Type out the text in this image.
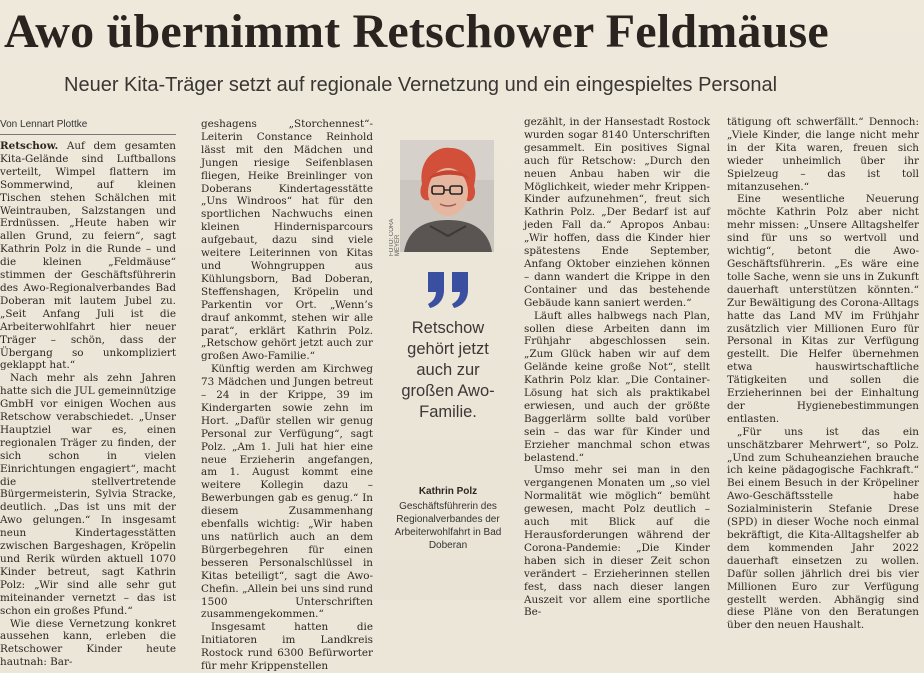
Awo übernimmt Retschower Feldmäuse
Neuer Kita-Träger setzt auf regionale Vernetzung und ein eingespieltes Personal
Von Lennart Plottke

Retschow. Auf dem gesamten Kita-Gelände sind Luftballons verteilt, Wimpel flattern im Sommerwind, auf kleinen Tischen stehen Schälchen mit Weintrauben, Salzstangen und Erdnüssen. „Heute haben wir allen Grund, zu feiern“, sagt Kathrin Polz in die Runde – und die kleinen „Feldmäuse“ stimmen der Geschäftsführerin des Awo-Regionalverbandes Bad Doberan mit lautem Jubel zu. „Seit Anfang Juli ist die Arbeiterwohlfahrt hier neuer Träger – schön, dass der Übergang so unkompliziert geklappt hat.“

Nach mehr als zehn Jahren hatte sich die JUL gemeinnützige GmbH vor einigen Wochen aus Retschow verabschiedet. „Unser Hauptziel war es, einen regionalen Träger zu finden, der sich schon in vielen Einrichtungen engagiert“, macht die stellvertretende Bürgermeisterin, Sylvia Stracke, deutlich. „Das ist uns mit der Awo gelungen.“ In insgesamt neun Kindertagesstätten zwischen Bargeshagen, Kröpelin und Rerik würden aktuell 1070 Kinder betreut, sagt Kathrin Polz: „Wir sind alle sehr gut miteinander vernetzt – das ist schon ein großes Pfund.“

Wie diese Vernetzung konkret aussehen kann, erleben die Retschower Kinder heute hautnah: Bar-

geshagens „Storchennest“-Leiterin Constance Reinhold lässt mit den Mädchen und Jungen riesige Seifenblasen fliegen, Heike Breinlinger von Doberans Kindertagesstätte „Uns Windroos“ hat für den sportlichen Nachwuchs einen kleinen Hindernisparcours aufgebaut, dazu sind viele weitere Leiterinnen von Kitas und Wohngruppen aus Kühlungsborn, Bad Doberan, Steffenshagen, Kröpelin und Parkentin vor Ort. „Wenn’s drauf ankommt, stehen wir alle parat“, erklärt Kathrin Polz. „Retschow gehört jetzt auch zur großen Awo-Familie.“

Künftig werden am Kirchweg 73 Mädchen und Jungen betreut – 24 in der Krippe, 39 im Kindergarten sowie zehn im Hort. „Dafür stellen wir genug Personal zur Verfügung“, sagt Polz. „Am 1. Juli hat hier eine neue Erzieherin angefangen, am 1. August kommt eine weitere Kollegin dazu – Bewerbungen gab es genug.“ In diesem Zusammenhang ebenfalls wichtig: „Wir haben uns natürlich auch an dem Bürgerbegehren für einen besseren Personalschlüssel in Kitas beteiligt“, sagt die Awo-Chefin. „Allein bei uns sind rund 1500 Unterschriften zusammengekommen.“

Insgesamt hatten die Initiatoren im Landkreis Rostock rund 6300 Befürworter für mehr Krippenstellen

FOTO: CORA MEYER
Retschow gehört jetzt auch zur großen Awo-Familie.
Kathrin Polz
Geschäftsführerin des Regionalverbandes der Arbeiterwohlfahrt in Bad Doberan

gezählt, in der Hansestadt Rostock wurden sogar 8140 Unterschriften gesammelt. Ein positives Signal auch für Retschow: „Durch den neuen Anbau haben wir die Möglichkeit, wieder mehr Krippen-Kinder aufzunehmen“, freut sich Kathrin Polz. „Der Bedarf ist auf jeden Fall da.“ Apropos Anbau: „Wir hoffen, dass die Kinder hier spätestens Ende September, Anfang Oktober einziehen können – dann wandert die Krippe in den Container und das bestehende Gebäude kann saniert werden.“

Läuft alles halbwegs nach Plan, sollen diese Arbeiten dann im Frühjahr abgeschlossen sein. „Zum Glück haben wir auf dem Gelände keine große Not“, stellt Kathrin Polz klar. „Die Container-Lösung hat sich als praktikabel erwiesen, und auch der größte Baggerlärm sollte bald vorüber sein – das war für Kinder und Erzieher manchmal schon etwas belastend.“

Umso mehr sei man in den vergangenen Monaten um „so viel Normalität wie möglich“ bemüht gewesen, macht Polz deutlich – auch mit Blick auf die Herausforderungen während der Corona-Pandemie: „Die Kinder haben sich in dieser Zeit schon verändert – Erzieherinnen stellen fest, dass nach dieser langen Auszeit vor allem eine sportliche Be-

tätigung oft schwerfällt.“ Dennoch: „Viele Kinder, die lange nicht mehr in der Kita waren, freuen sich wieder unheimlich über ihr Spielzeug – das ist toll mitanzusehen.“

Eine wesentliche Neuerung möchte Kathrin Polz aber nicht mehr missen: „Unsere Alltagshelfer sind für uns so wertvoll und wichtig“, betont die Awo-Geschäftsführerin. „Es wäre eine tolle Sache, wenn sie uns in Zukunft dauerhaft unterstützen könnten.“ Zur Bewältigung des Corona-Alltags hatte das Land MV im Frühjahr zusätzlich vier Millionen Euro für Personal in Kitas zur Verfügung gestellt. Die Helfer übernehmen etwa hauswirtschaftliche Tätigkeiten und sollen die Erzieherinnen bei der Einhaltung der Hygienebestimmungen entlasten.

„Für uns ist das ein unschätzbarer Mehrwert“, so Polz. „Und zum Schuheanziehen brauche ich keine pädagogische Fachkraft.“ Bei einem Besuch in der Kröpeliner Awo-Geschäftsstelle habe Sozialministerin Stefanie Drese (SPD) in dieser Woche noch einmal bekräftigt, die Kita-Alltagshelfer ab dem kommenden Jahr 2022 dauerhaft einsetzen zu wollen. Dafür sollen jährlich drei bis vier Millionen Euro zur Verfügung gestellt werden. Abhängig sind diese Pläne von den Beratungen über den neuen Haushalt.
